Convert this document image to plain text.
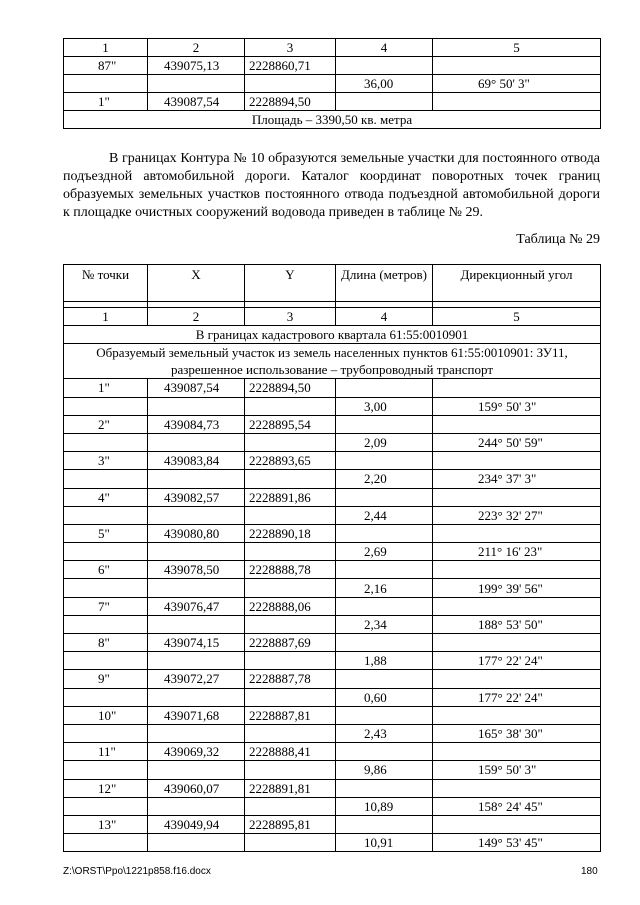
1	2	3	4	5
87"	439075,13	2228860,71		
			36,00	69° 50' 3"
1"	439087,54	2228894,50		
Площадь – 3390,50 кв. метра				

В границах Контура № 10 образуются земельные участки для постоянного отвода подъездной автомобильной дороги. Каталог координат поворотных точек границ образуемых земельных участков постоянного отвода подъездной автомобильной дороги к площадке очистных сооружений водовода приведен в таблице № 29.

Таблица № 29
№ точки	X	Y	Длина (метров)	Дирекционный угол

1	2	3	4	5
В границах кадастрового квартала 61:55:0010901				
Образуемый земельный участок из земель населенных пунктов 61:55:0010901: ЗУ11, разрешенное использование – трубопроводный транспорт				
1"	439087,54	2228894,50		
			3,00	159° 50' 3"
2"	439084,73	2228895,54		
			2,09	244° 50' 59"
3"	439083,84	2228893,65		
			2,20	234° 37' 3"
4"	439082,57	2228891,86		
			2,44	223° 32' 27"
5"	439080,80	2228890,18		
			2,69	211° 16' 23"
6"	439078,50	2228888,78		
			2,16	199° 39' 56"
7"	439076,47	2228888,06		
			2,34	188° 53' 50"
8"	439074,15	2228887,69		
			1,88	177° 22' 24"
9"	439072,27	2228887,78		
			0,60	177° 22' 24"
10"	439071,68	2228887,81		
			2,43	165° 38' 30"
11"	439069,32	2228888,41		
			9,86	159° 50' 3"
12"	439060,07	2228891,81		
			10,89	158° 24' 45"
13"	439049,94	2228895,81		
			10,91	149° 53' 45"
Z:\ORST\Ppo\1221p858.f16.docx	180
